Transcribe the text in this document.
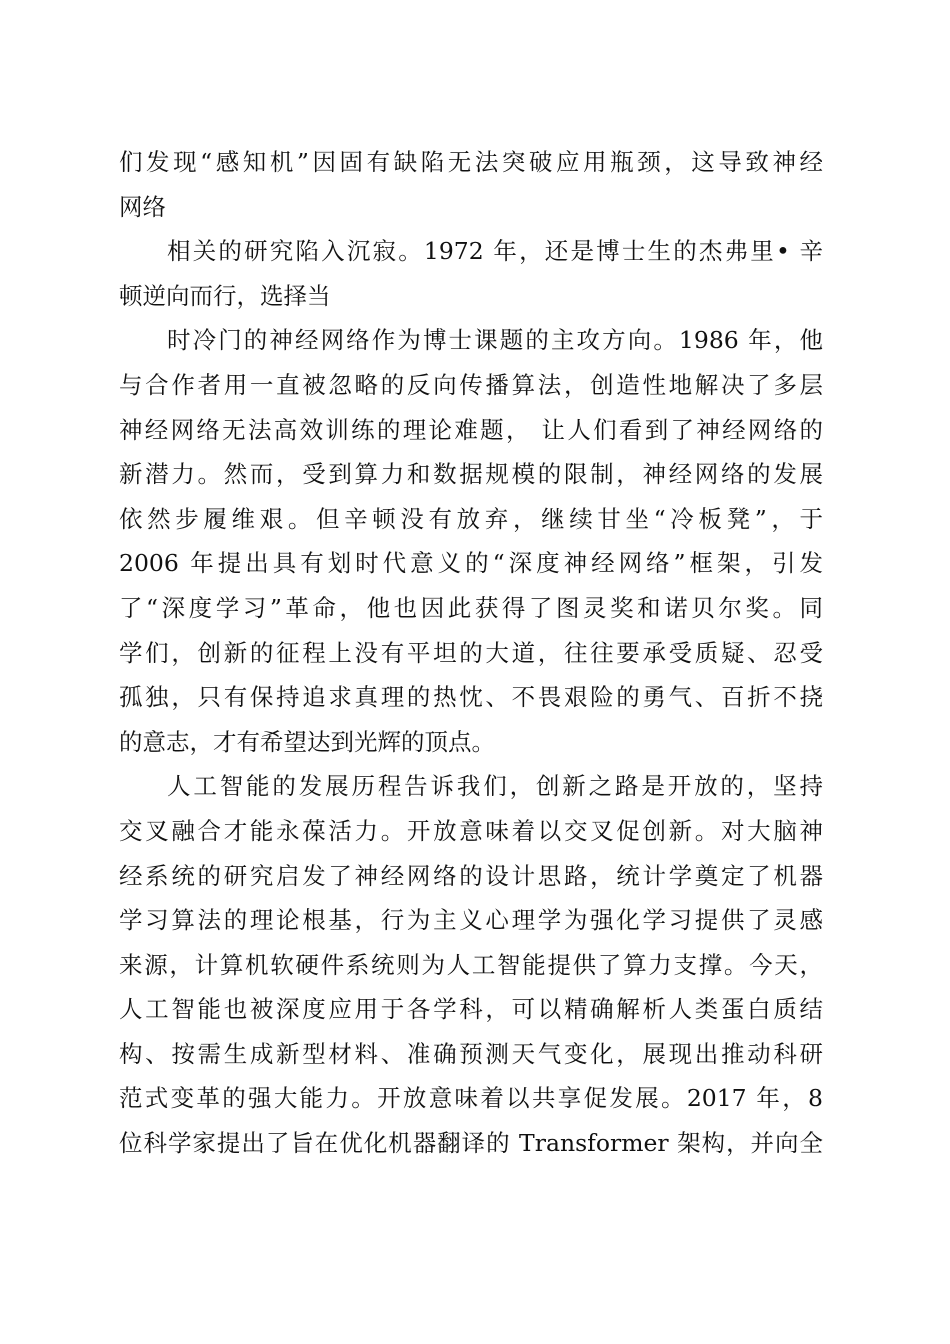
们发现“感知机”因固有缺陷无法突破应用瓶颈，这导致神经
网络
相关的研究陷入沉寂。1972 年，还是博士生的杰弗里• 辛
顿逆向而行，选择当
时冷门的神经网络作为博士课题的主攻方向。1986 年，他
与合作者用一直被忽略的反向传播算法，创造性地解决了多层
神经网络无法高效训练的理论难题， 让人们看到了神经网络的
新潜力。然而，受到算力和数据规模的限制，神经网络的发展
依然步履维艰。但辛顿没有放弃，继续甘坐“冷板凳”，于
2006 年提出具有划时代意义的“深度神经网络”框架，引发
了“深度学习”革命，他也因此获得了图灵奖和诺贝尔奖。同
学们，创新的征程上没有平坦的大道，往往要承受质疑、忍受
孤独，只有保持追求真理的热忱、不畏艰险的勇气、百折不挠
的意志，才有希望达到光辉的顶点。
人工智能的发展历程告诉我们，创新之路是开放的，坚持
交叉融合才能永葆活力。开放意味着以交叉促创新。对大脑神
经系统的研究启发了神经网络的设计思路，统计学奠定了机器
学习算法的理论根基，行为主义心理学为强化学习提供了灵感
来源，计算机软硬件系统则为人工智能提供了算力支撑。今天，
人工智能也被深度应用于各学科，可以精确解析人类蛋白质结
构、按需生成新型材料、准确预测天气变化，展现出推动科研
范式变革的强大能力。开放意味着以共享促发展。2017 年，8
位科学家提出了旨在优化机器翻译的 Transformer 架构，并向全
